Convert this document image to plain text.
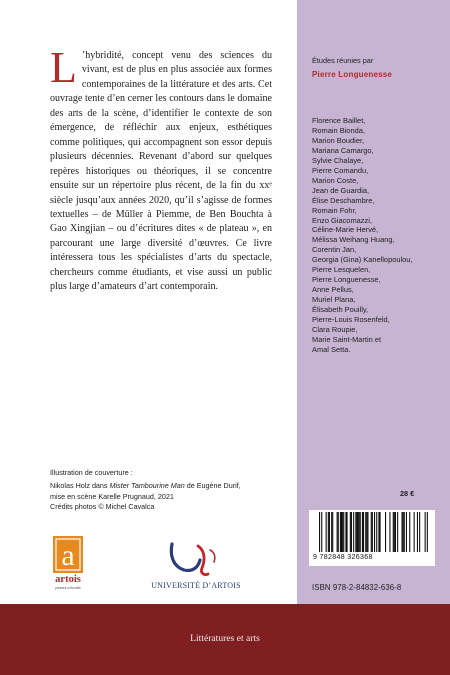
L ’hybridité, concept venu des sciences du vivant, est de plus en plus associée aux formes contemporaines de la littérature et des arts. Cet ouvrage tente d’en cerner les contours dans le domaine des arts de la scène, d’identifier le contexte de son émergence, de réfléchir aux enjeux, esthétiques comme politiques, qui accompagnent son essor depuis plusieurs décennies. Revenant d’abord sur quelques repères historiques ou théoriques, il se concentre ensuite sur un répertoire plus récent, de la fin du xxᵉ siècle jusqu’aux années 2020, qu’il s’agisse de formes textuelles – de Müller à Piemme, de Ben Bouchta à Gao Xingjian – ou d’écritures dites « de plateau », en parcourant une large diversité d’œuvres. Ce livre intéressera tous les spécialistes d’arts du spectacle, chercheurs comme étudiants, et vise aussi un public plus large d’amateurs d’art contemporain.
Illustration de couverture :
Nikolas Holz dans Mister Tambourine Man de Eugène Durif,
mise en scène Karelle Prugnaud, 2021
Crédits photos © Michel Cavalca
a
artois
presses université	UNIVERSITÉ D’ARTOIS
Études réunies par
Pierre Longuenesse
Florence Baillet,
Romain Bionda,
Marion Boudier,
Mariana Camargo,
Sylvie Chalaye,
Pierre Comandu,
Marion Coste,
Jean de Guardia,
Élise Deschambre,
Romain Fohr,
Enzo Giacomazzi,
Céline-Marie Hervé,
Mélissa Weihang Huang,
Corentin Jan,
Georgia (Gina) Kanellopoulou,
Pierre Lesquelen,
Pierre Longuenesse,
Anne Pellus,
Muriel Plana,
Élisabeth Pouilly,
Pierre-Louis Rosenfeld,
Clara Roupie,
Marie Saint-Martin et
Amal Setta.
28 €
9 782848 326368
ISBN 978-2-84832-636-8
Littératures et arts
